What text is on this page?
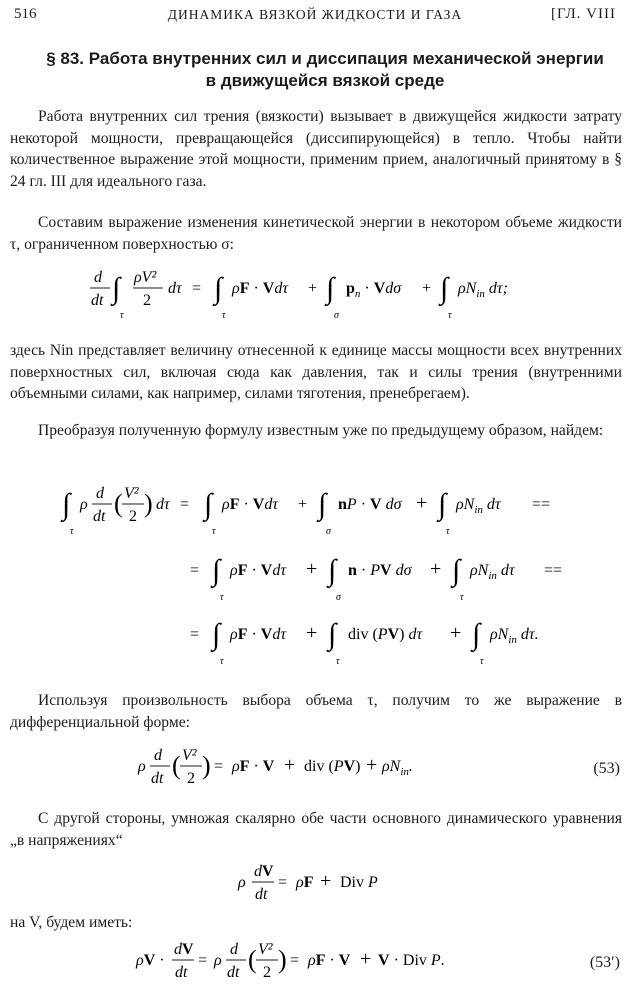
516	ДИНАМИКА ВЯЗКОЙ ЖИДКОСТИ И ГАЗА	[ГЛ. VIII
§ 83. Работа внутренних сил и диссипация механической энергии
в движущейся вязкой среде
Работа внутренних сил трения (вязкости) вызывает в движущейся жидкости затрату некоторой мощности, превращающейся (диссипирующейся) в тепло. Чтобы найти количественное выражение этой мощности, применим прием, аналогичный принятому в § 24 гл. III для идеального газа.
Составим выражение изменения кинетической энергии в некотором объеме жидкости τ, ограниченном поверхностью σ:
d
dt ∫
τ
ρV²
2
dτ = ∫
τ
ρF · Vdτ + ∫
σ
$p_n \cdot Vd\sigma$ + ∫
τ
$\rho N_{in}$ dτ;
здесь Nin представляет величину отнесенной к единице массы мощности всех внутренних поверхностных сил, включая сюда как давления, так и силы трения (внутренними объемными силами, как например, силами тяготения, пренебрегаем).
Преобразуя полученную формулу известным уже по предыдущему образом, найдем:
∫
τ
ρ
d
dt ( V²
2 ) dτ = ∫
τ
ρF · Vdτ + ∫
σ
nP · V dσ + ∫
τ
$\rho N_{in}$ dτ ==
= ∫
τ
ρF · Vdτ + ∫
σ
n · PV dσ + ∫
τ
$\rho N_{in}$ dτ ==
= ∫
τ
ρF · Vdτ + ∫
τ
div (PV) dτ + ∫
τ
$\rho N_{in}$ dτ.
Используя произвольность выбора объема τ, получим то же выражение в дифференциальной форме:
ρ
d
dt ( V²
2 ) = ρF · V + div $(PV) + \rho N_{in}$.	(53)
С другой стороны, умножая скалярно обе части основного динамического уравнения „в напряжениях“
ρ
dV
dt
= ρF + Div P
на V, будем иметь:
ρV ·
dV
dt
= ρ
d
dt ( V²
2 ) = ρF · V + V · Div P.	(53′)
